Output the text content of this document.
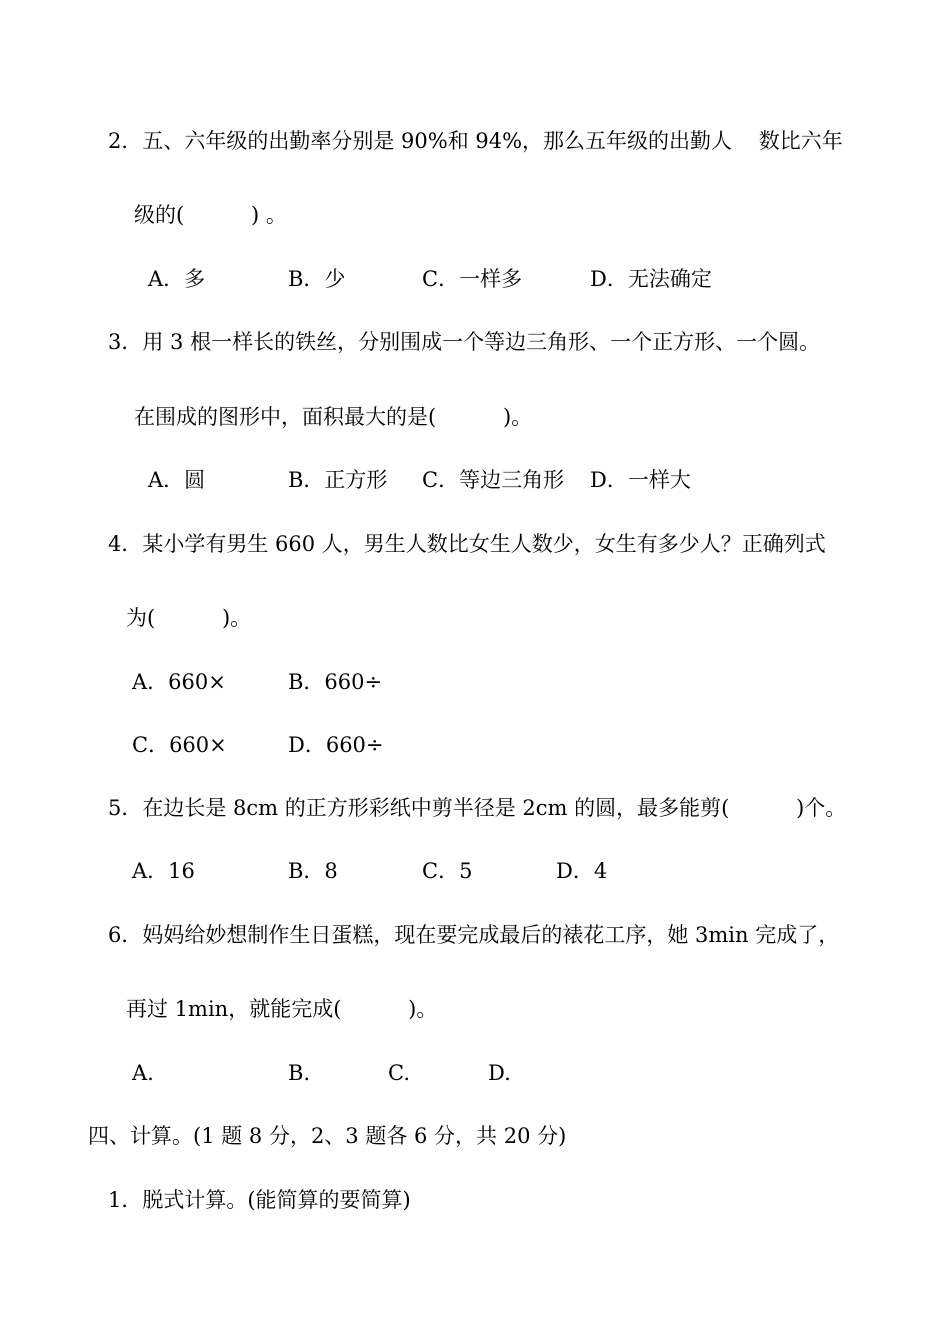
2．五、六年级的出勤率分别是 90%和 94%，那么五年级的出勤人    数比六年

级的(          ) 。

A．多	B．少	C．一样多	D．无法确定

3．用 3 根一样长的铁丝，分别围成一个等边三角形、一个正方形、一个圆。

在围成的图形中，面积最大的是(          )。

A．圆	B．正方形 C．等边三角形 D．一样大

4．某小学有男生 660 人，男生人数比女生人数少，女生有多少人？正确列式

为(          )。

A．660×	B．660÷
C．660×	D．660÷

5．在边长是 8cm 的正方形彩纸中剪半径是 2cm 的圆，最多能剪(          )个。

A．16	B．8	C．5	D．4

6．妈妈给妙想制作生日蛋糕，现在要完成最后的裱花工序，她 3min 完成了，

再过 1min，就能完成(          )。

A.	B.	C.	D.

四、计算。(1 题 8 分，2、3 题各 6 分，共 20 分)

1．脱式计算。(能简算的要简算)
